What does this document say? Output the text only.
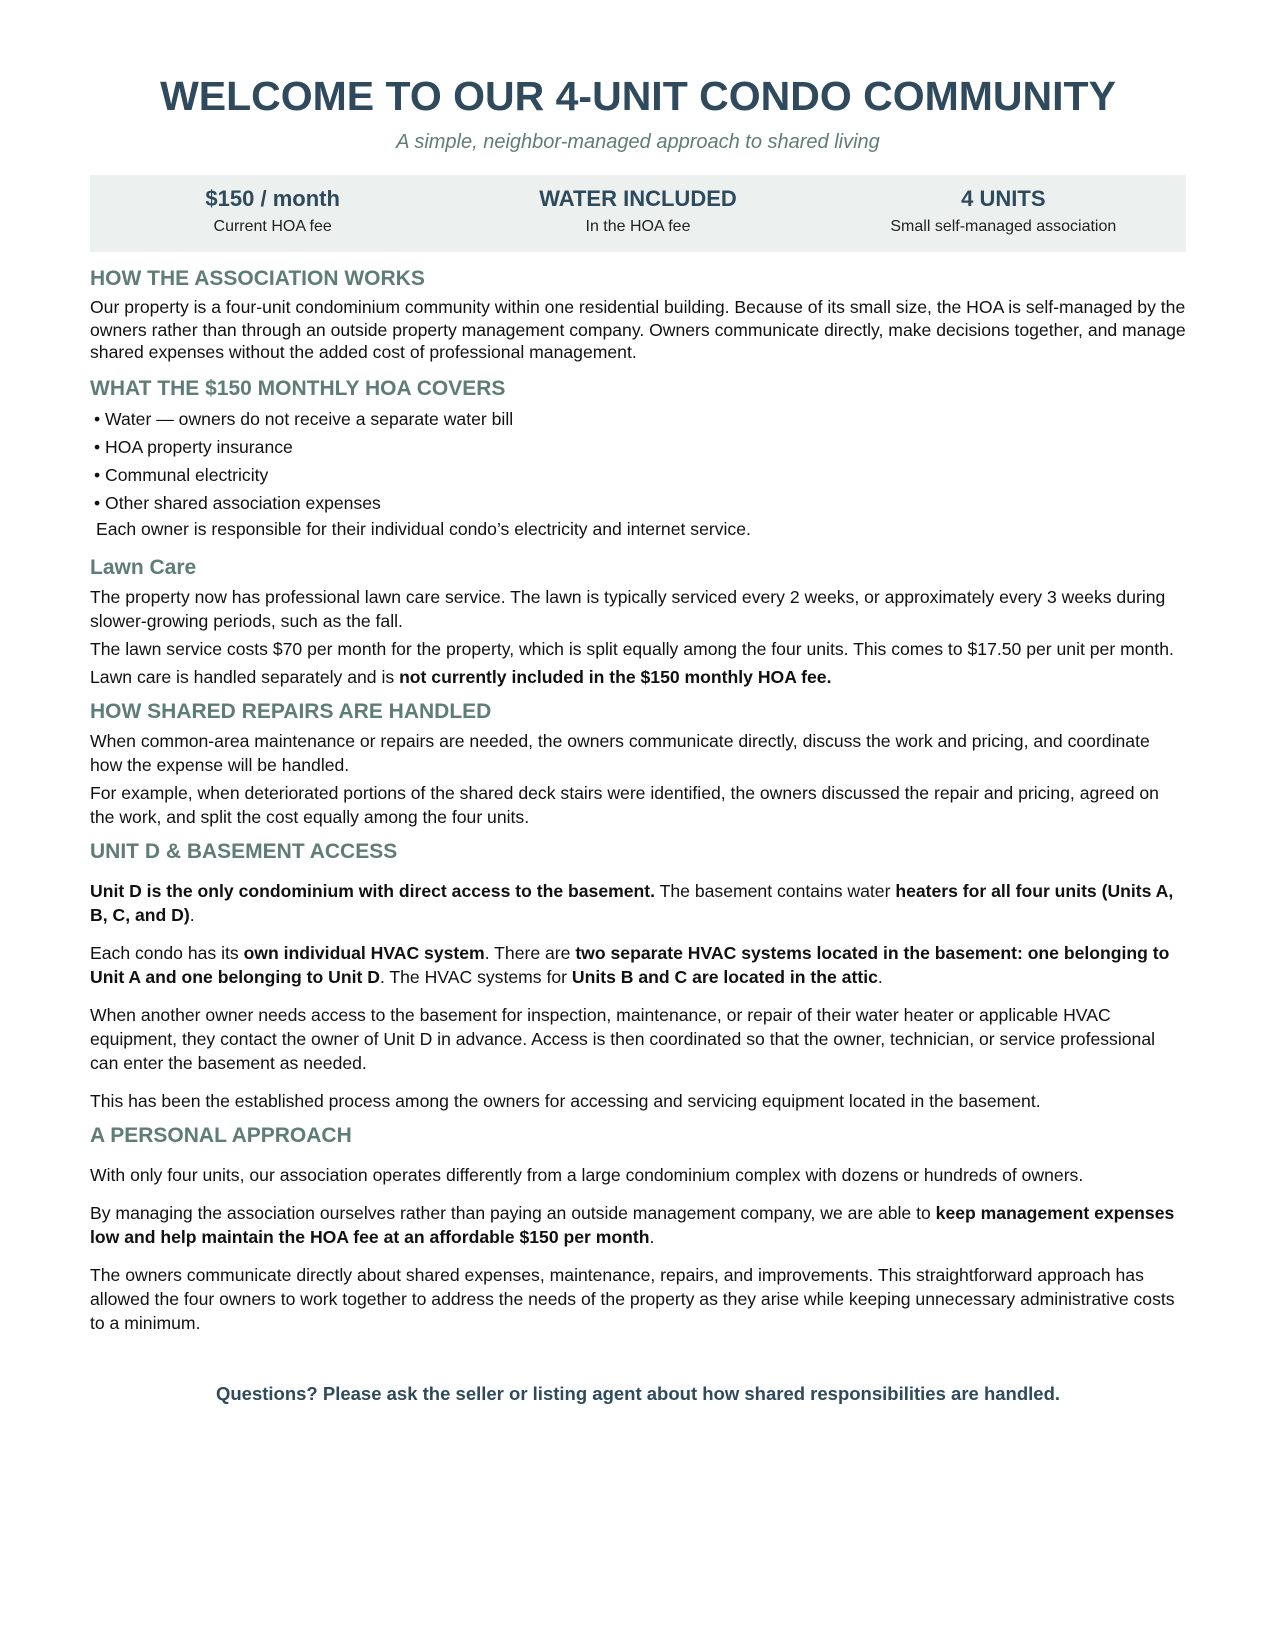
WELCOME TO OUR 4-UNIT CONDO COMMUNITY
A simple, neighbor-managed approach to shared living
$150 / month
Current HOA fee
WATER INCLUDED
In the HOA fee
4 UNITS
Small self-managed association
HOW THE ASSOCIATION WORKS

Our property is a four-unit condominium community within one residential building. Because of its small size, the HOA is self-managed by the owners rather than through an outside property management company. Owners communicate directly, make decisions together, and manage shared expenses without the added cost of professional management.

WHAT THE $150 MONTHLY HOA COVERS
• Water — owners do not receive a separate water bill
• HOA property insurance
• Communal electricity
• Other shared association expenses

Each owner is responsible for their individual condo’s electricity and internet service.

Lawn Care

The property now has professional lawn care service. The lawn is typically serviced every 2 weeks, or approximately every 3 weeks during slower-growing periods, such as the fall.

The lawn service costs $70 per month for the property, which is split equally among the four units. This comes to $17.50 per unit per month.

Lawn care is handled separately and is not currently included in the $150 monthly HOA fee.

HOW SHARED REPAIRS ARE HANDLED

When common-area maintenance or repairs are needed, the owners communicate directly, discuss the work and pricing, and coordinate how the expense will be handled.

For example, when deteriorated portions of the shared deck stairs were identified, the owners discussed the repair and pricing, agreed on the work, and split the cost equally among the four units.

UNIT D & BASEMENT ACCESS

Unit D is the only condominium with direct access to the basement. The basement contains water heaters for all four units (Units A, B, C, and D).

Each condo has its own individual HVAC system. There are two separate HVAC systems located in the basement: one belonging to Unit A and one belonging to Unit D. The HVAC systems for Units B and C are located in the attic.

When another owner needs access to the basement for inspection, maintenance, or repair of their water heater or applicable HVAC equipment, they contact the owner of Unit D in advance. Access is then coordinated so that the owner, technician, or service professional can enter the basement as needed.

This has been the established process among the owners for accessing and servicing equipment located in the basement.

A PERSONAL APPROACH

With only four units, our association operates differently from a large condominium complex with dozens or hundreds of owners.

By managing the association ourselves rather than paying an outside management company, we are able to keep management expenses low and help maintain the HOA fee at an affordable $150 per month.

The owners communicate directly about shared expenses, maintenance, repairs, and improvements. This straightforward approach has allowed the four owners to work together to address the needs of the property as they arise while keeping unnecessary administrative costs to a minimum.

Questions? Please ask the seller or listing agent about how shared responsibilities are handled.
